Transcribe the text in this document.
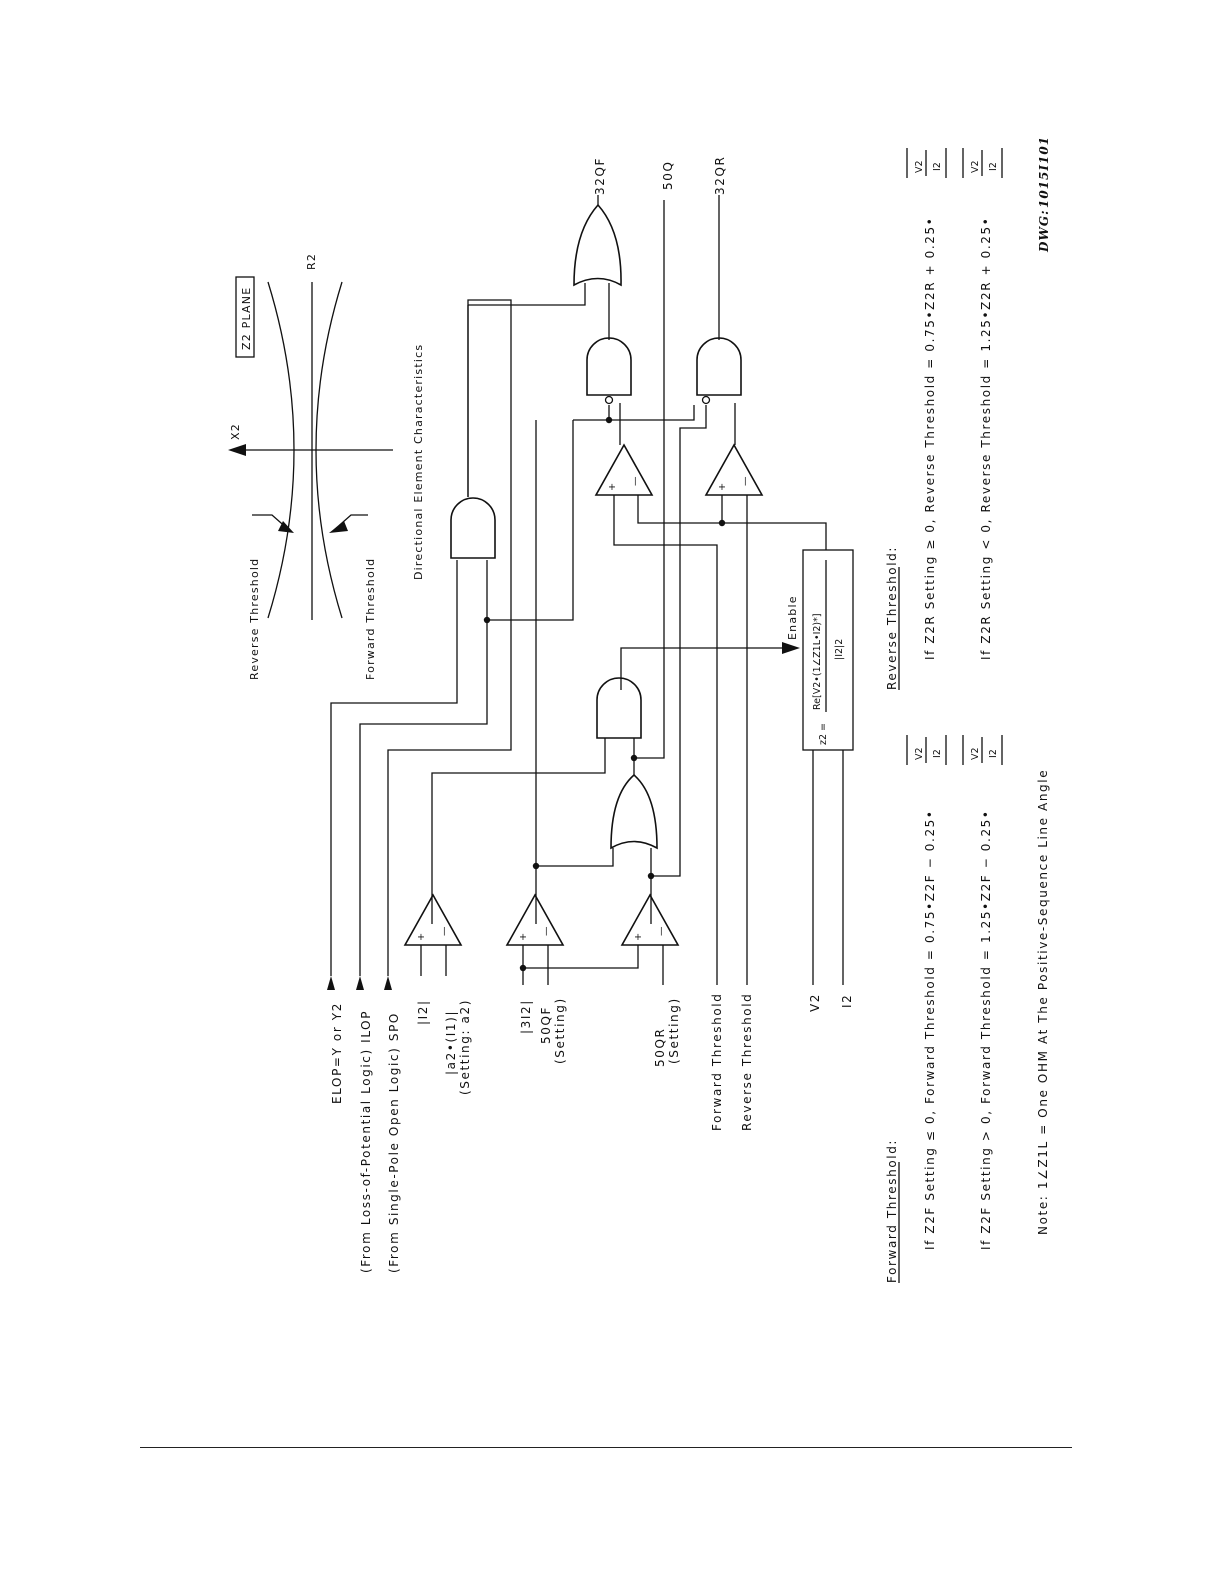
Z2 PLANE
R2
X2
Reverse Threshold	Forward Threshold
Directional Element Characteristics
ELOP=Y or Y2 (From Loss-of-Potential Logic) ILOP (From Single-Pole Open Logic) SPO |I2| |a2•(I1)| (Setting: a2)	|3I2| 50QF (Setting)	50QR (Setting) Forward Threshold Reverse Threshold	V2 I2
32QF	50Q	32QR
+
—
+
—
+
—
+
—
+
—
z2 =
Re[V2•(1∠Z1L•I2)*] |I2|2
Enable
Forward Threshold:
Reverse Threshold:
If Z2F Setting ≤ 0, Forward Threshold = 0.75•Z2F − 0.25•	If Z2F Setting > 0, Forward Threshold = 1.25•Z2F − 0.25•
If Z2R Setting ≥ 0, Reverse Threshold = 0.75•Z2R + 0.25•	If Z2R Setting < 0, Reverse Threshold = 1.25•Z2R + 0.25•
V2 I2	V2 I2
V2 I2	V2 I2
Note: 1∠Z1L = One OHM At The Positive-Sequence Line Angle
DWG:
1015I101
